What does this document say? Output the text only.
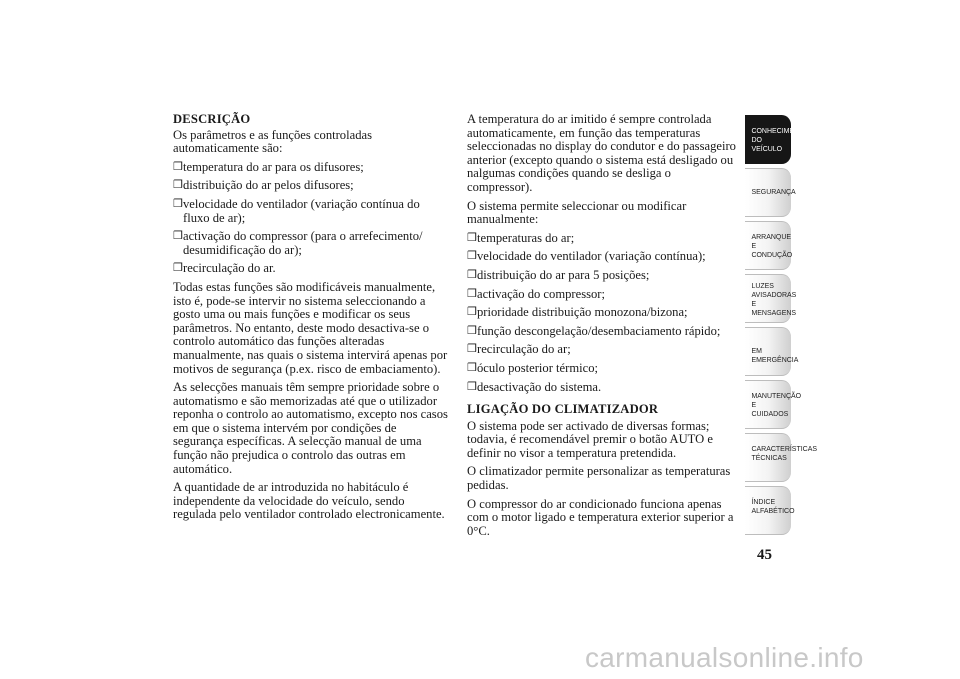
DESCRIÇÃO

Os parâmetros e as funções controladas automaticamente são:

❒ temperatura do ar para os difusores;
❒ distribuição do ar pelos difusores;
❒ velocidade do ventilador (variação contínua do fluxo de ar);
❒ activação do compressor (para o arrefecimento/ desumidificação do ar);
❒ recirculação do ar.

Todas estas funções são modificáveis manualmente, isto é, pode-se intervir no sistema seleccionando a gosto uma ou mais funções e modificar os seus parâmetros. No entanto, deste modo desactiva-se o controlo automático das funções alteradas manualmente, nas quais o sistema intervirá apenas por motivos de segurança (p.ex. risco de embaciamento).

As selecções manuais têm sempre prioridade sobre o automatismo e são memorizadas até que o utilizador reponha o controlo ao automatismo, excepto nos casos em que o sistema intervém por condições de segurança específicas. A selecção manual de uma função não prejudica o controlo das outras em automático.

A quantidade de ar introduzida no habitáculo é independente da velocidade do veículo, sendo regulada pelo ventilador controlado electronicamente.

A temperatura do ar imitido é sempre controlada automaticamente, em função das temperaturas seleccionadas no display do condutor e do passageiro anterior (excepto quando o sistema está desligado ou nalgumas condições quando se desliga o compressor).

O sistema permite seleccionar ou modificar manualmente:

❒ temperaturas do ar;
❒ velocidade do ventilador (variação contínua);
❒ distribuição do ar para 5 posições;
❒ activação do compressor;
❒ prioridade distribuição monozona/bizona;
❒ função descongelação/desembaciamento rápido;
❒ recirculação do ar;
❒ óculo posterior térmico;
❒ desactivação do sistema.
LIGAÇÃO DO CLIMATIZADOR

O sistema pode ser activado de diversas formas; todavia, é recomendável premir o botão AUTO e definir no visor a temperatura pretendida.

O climatizador permite personalizar as temperaturas pedidas.

O compressor do ar condicionado funciona apenas com o motor ligado e temperatura exterior superior a 0°C.

CONHECIMENTO
DO VEÍCULO
SEGURANÇA
ARRANQUE E
CONDUÇÃO
LUZES
AVISADORAS E
MENSAGENS
EM EMERGÊNCIA
MANUTENÇÃO E
CUIDADOS
CARACTERÍSTICAS
TÉCNICAS
ÍNDICE
ALFABÉTICO
45
carmanualsonline.info
